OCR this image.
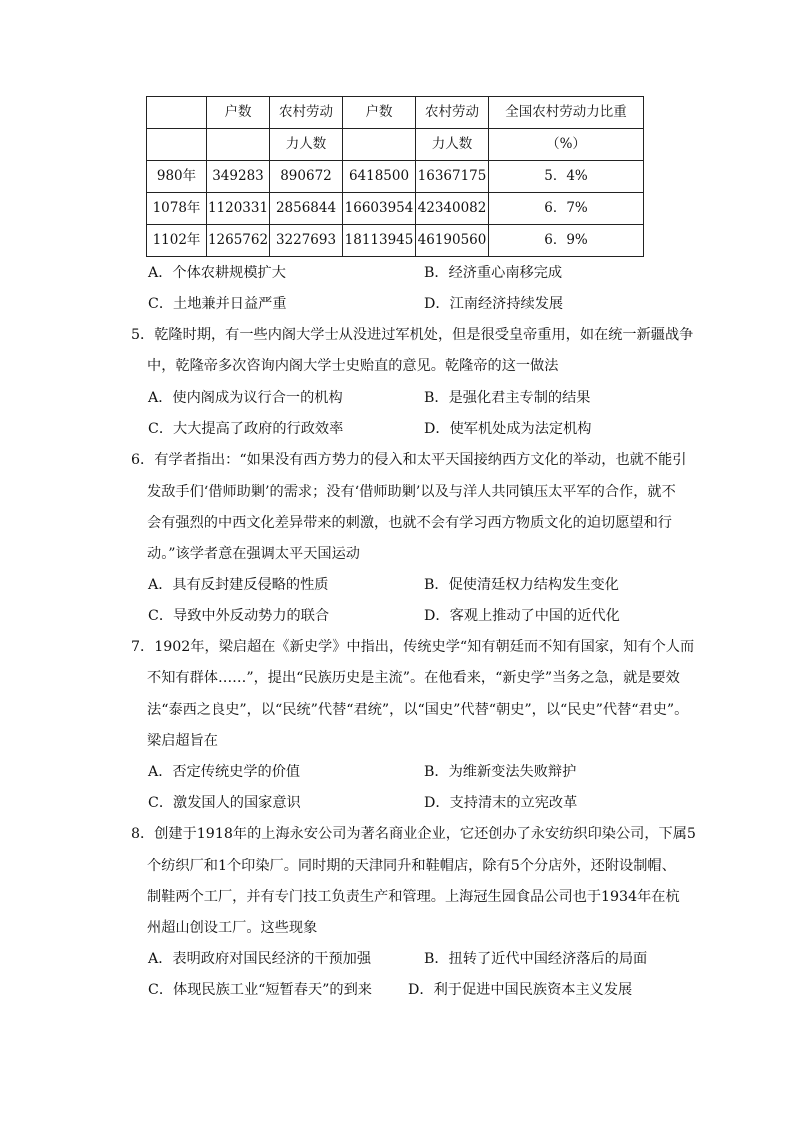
	户数	农村劳动	户数	农村劳动	全国农村劳动力比重
		力人数		力人数	（%）
980年	349283	890672	6418500	16367175	5．4%
1078年	1120331	2856844	16603954	42340082	6．7%
1102年	1265762	3227693	18113945	46190560	6．9%
A．个体农耕规模扩大	B．经济重心南移完成
C．土地兼并日益严重	D．江南经济持续发展
5．乾隆时期，有一些内阁大学士从没进过军机处，但是很受皇帝重用，如在统一新疆战争
中，乾隆帝多次咨询内阁大学士史贻直的意见。乾隆帝的这一做法
A．使内阁成为议行合一的机构	B．是强化君主专制的结果
C．大大提高了政府的行政效率	D．使军机处成为法定机构
6．有学者指出：“如果没有西方势力的侵入和太平天国接纳西方文化的举动，也就不能引
发敌手们‘借师助剿’的需求；没有‘借师助剿’以及与洋人共同镇压太平军的合作，就不
会有强烈的中西文化差异带来的刺激，也就不会有学习西方物质文化的迫切愿望和行
动。”该学者意在强调太平天国运动
A．具有反封建反侵略的性质	B．促使清廷权力结构发生变化
C．导致中外反动势力的联合	D．客观上推动了中国的近代化
7．1902年，梁启超在《新史学》中指出，传统史学“知有朝廷而不知有国家，知有个人而
不知有群体……”，提出“民族历史是主流”。在他看来，“新史学”当务之急，就是要效
法“泰西之良史”，以“民统”代替“君统”，以“国史”代替“朝史”，以“民史”代替“君史”。
梁启超旨在
A．否定传统史学的价值	B．为维新变法失败辩护
C．激发国人的国家意识	D．支持清末的立宪改革
8．创建于1918年的上海永安公司为著名商业企业，它还创办了永安纺织印染公司，下属5
个纺织厂和1个印染厂。同时期的天津同升和鞋帽店，除有5个分店外，还附设制帽、
制鞋两个工厂，并有专门技工负责生产和管理。上海冠生园食品公司也于1934年在杭
州超山创设工厂。这些现象
A．表明政府对国民经济的干预加强	B．扭转了近代中国经济落后的局面
C．体现民族工业“短暂春天”的到来	D．利于促进中国民族资本主义发展
